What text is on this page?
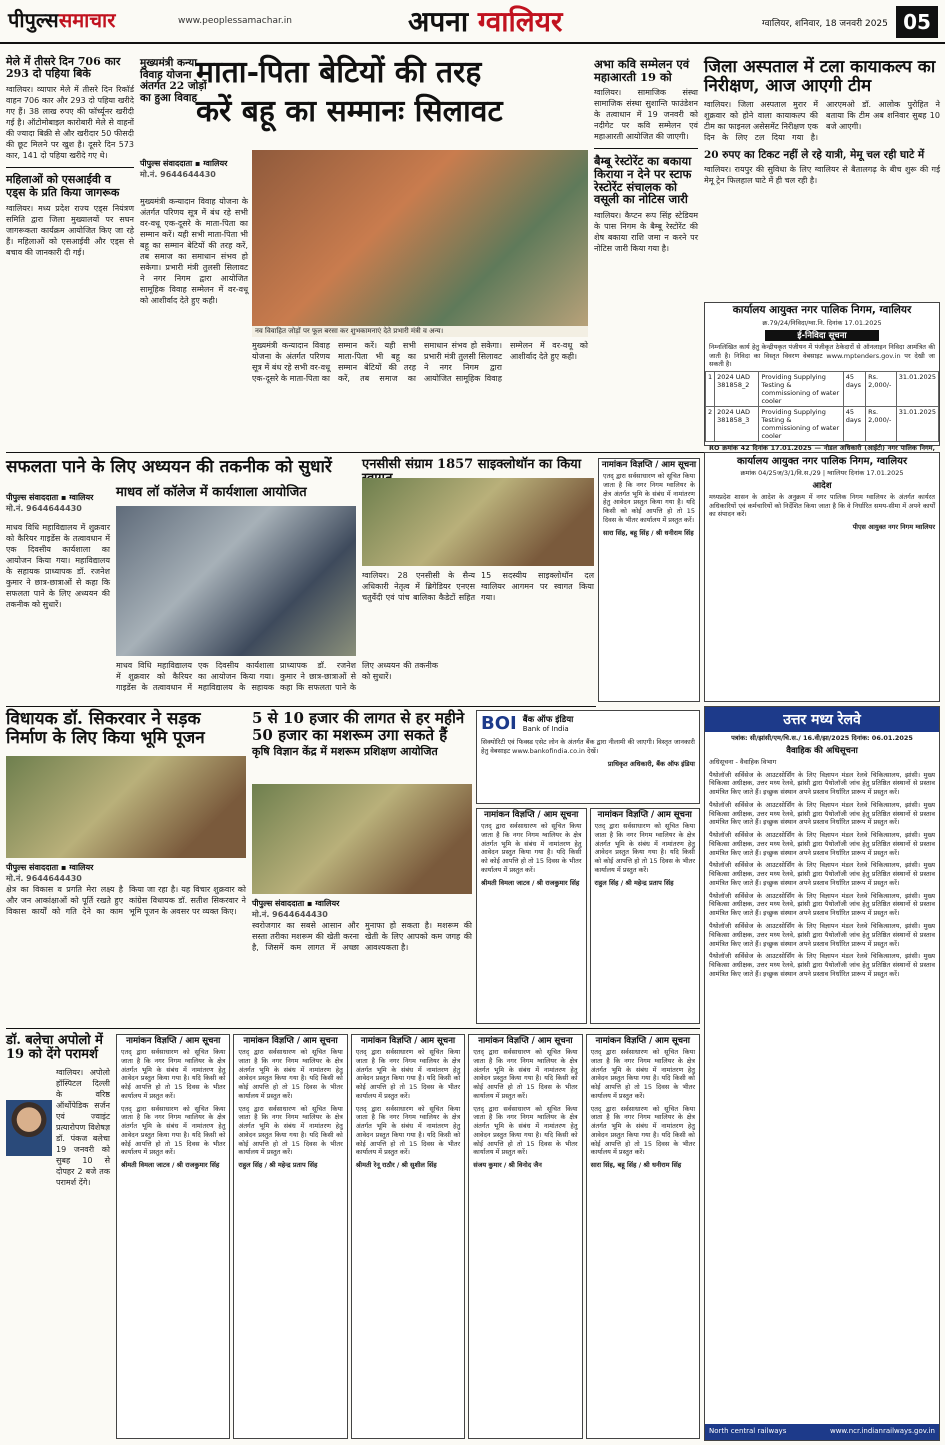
पीपुल्ससमाचार	www.peoplessamachar.in	अपना ग्वालियर	ग्वालियर, शनिवार, 18 जनवरी 2025 05
मेले में तीसरे दिन 706 कार 293 दो पहिया बिके
ग्वालियर। व्यापार मेले में तीसरे दिन रिकॉर्ड वाहन 706 कार और 293 दो पहिया खरीदे गए हैं। 38 लाख रुपए की फॉर्च्यूनर खरीदी गई है। ऑटोमोबाइल कारोबारी मेले से वाहनों की ज्यादा बिक्री से और खरीदार 50 फीसदी की छूट मिलने पर खुश है। दूसरे दिन 573 कार, 141 दो पहिया खरीदे गए थे।
महिलाओं को एसआईवी व एड्स के प्रति किया जागरूक
ग्वालियर। मध्य प्रदेश राज्य एड्स नियंत्रण समिति द्वारा जिला मुख्यालयों पर सघन जागरूकता कार्यक्रम आयोजित किए जा रहे हैं। महिलाओं को एसआईवी और एड्स से बचाव की जानकारी दी गई।
मुख्यमंत्री कन्या विवाह योजना अंतर्गत 22 जोड़ों का हुआ विवाह
माता-पिता बेटियों की तरह
करें बहू का सम्मानः सिलावट
पीपुल्स संवाददाता ▪ ग्वालियर
मो.नं. 9644644430
नव विवाहित जोड़ों पर फूल बरसा कर शुभकामनाएं देते प्रभारी मंत्री व अन्य।
मुख्यमंत्री कन्यादान विवाह योजना के अंतर्गत परिणय सूत्र में बंध रहे सभी वर-वधू एक-दूसरे के माता-पिता का सम्मान करें। यही सभी माता-पिता भी बहू का सम्मान बेटियों की तरह करें, तब समाज का समाधान संभव हो सकेगा। प्रभारी मंत्री तुलसी सिलावट ने नगर निगम द्वारा आयोजित सामूहिक विवाह सम्मेलन में वर-वधू को आशीर्वाद देते हुए कही।
मुख्यमंत्री कन्यादान विवाह योजना के अंतर्गत परिणय सूत्र में बंध रहे सभी वर-वधू एक-दूसरे के माता-पिता का सम्मान करें। यही सभी माता-पिता भी बहू का सम्मान बेटियों की तरह करें, तब समाज का समाधान संभव हो सकेगा। प्रभारी मंत्री तुलसी सिलावट ने नगर निगम द्वारा आयोजित सामूहिक विवाह सम्मेलन में वर-वधू को आशीर्वाद देते हुए कही।
अभा कवि सम्मेलन एवं महाआरती 19 को
ग्वालियर। सामाजिक संस्था सामाजिक संस्था सुशान्ति फाउंडेशन के तत्वाधान में 19 जनवरी को नदीगेट पर कवि सम्मेलन एवं महाआरती आयोजित की जाएगी।
बैम्बू रेस्टोरेंट का बकाया किराया न देने पर स्टाफ रेस्टोरेंट संचालक को वसूली का नोटिस जारी
ग्वालियर। कैप्टन रूप सिंह स्टेडियम के पास निगम के बैम्बू रेस्टोरेंट की शेष बकाया राशि जमा न करने पर नोटिस जारी किया गया है।
जिला अस्पताल में टला कायाकल्प का निरीक्षण, आज आएगी टीम
ग्वालियर। जिला अस्पताल मुरार में शुक्रवार को होने वाला कायाकल्प की टीम का फाइनल असेसमेंट निरीक्षण एक दिन के लिए टल दिया गया है। आरएमओ डॉ. आलोक पुरोहित ने बताया कि टीम अब शनिवार सुबह 10 बजे आएगी।
20 रुपए का टिकट नहीं ले रहे यात्री, मेमू चल रही घाटे में
ग्वालियर। रायपुर की सुविधा के लिए ग्वालियर से बैतालगढ़ के बीच शुरू की गई मेमू ट्रेन फिलहाल घाटे में ही चल रही है।
कार्यालय आयुक्त नगर पालिक निगम, ग्वालियर
क्र.79/24/निविदा/ग्वा.नि. दिनांक 17.01.2025
ई-निविदा सूचना
निम्नलिखित कार्य हेतु केन्द्रीयकृत पंजीयन में पंजीकृत ठेकेदारों से ऑनलाइन निविदा आमंत्रित की जाती है। निविदा का विस्तृत विवरण वेबसाइट www.mptenders.gov.in पर देखी जा सकती है।
1	2024 UAD 381858_2	Providing Supplying Testing & commissioning of water cooler	45 days	Rs. 2,000/-	31.01.2025
2	2024 UAD 381858_3	Providing Supplying Testing & commissioning of water cooler	45 days	Rs. 2,000/-	31.01.2025
RO क्रमांक 42 दिनांक 17.01.2025 — नोडल अधिकारी (आईटी) नगर पालिक निगम,
सफलता पाने के लिए अध्ययन की तकनीक को सुधारें
माधव लॉ कॉलेज में कार्यशाला आयोजित
पीपुल्स संवाददाता ▪ ग्वालियर
मो.नं. 9644644430
माधव विधि महाविद्यालय में शुक्रवार को कैरियर गाइडेंस के तत्वावधान में एक दिवसीय कार्यशाला का आयोजन किया गया। महाविद्यालय के सहायक प्राध्यापक डॉ. रजनेश कुमार ने छात्र-छात्राओं से कहा कि सफलता पाने के लिए अध्ययन की तकनीक को सुधारें।
माधव विधि महाविद्यालय में शुक्रवार को कैरियर गाइडेंस के तत्वावधान में एक दिवसीय कार्यशाला का आयोजन किया गया। महाविद्यालय के सहायक प्राध्यापक डॉ. रजनेश कुमार ने छात्र-छात्राओं से कहा कि सफलता पाने के लिए अध्ययन की तकनीक को सुधारें।
एनसीसी संग्राम 1857 साइक्लोथॉन का किया
ग्वालियर। 28 एनसीसी के सैन्य अधिकारी नेतृत्व में ब्रिगेडियर एनएस चतुर्वेदी एवं पांच बालिका कैडेटों सहित 15 सदस्यीय साइक्लोथॉन दल ग्वालियर आगमन पर स्वागत किया गया।
नामांकन विज्ञप्ति / आम सूचना
एतद् द्वारा सर्वसाधारण को सूचित किया जाता है कि नगर निगम ग्वालियर के क्षेत्र अंतर्गत भूमि के संबंध में नामांतरण हेतु आवेदन प्रस्तुत किया गया है। यदि किसी को कोई आपत्ति हो तो 15 दिवस के भीतर कार्यालय में प्रस्तुत करें।
सारा सिंह, बहू सिंह / श्री धनीराम सिंह
कार्यालय आयुक्त नगर पालिक निगम, ग्वालियर
क्रमांक 04/25ज/3/1/वि.स./29 | ग्वालियर दिनांक 17.01.2025
आदेश
मध्यप्रदेश शासन के आदेश के अनुक्रम में नगर पालिक निगम ग्वालियर के अंतर्गत कार्यरत अधिकारियों एवं कर्मचारियों को निर्देशित किया जाता है कि वे निर्धारित समय-सीमा में अपने कार्यों का संपादन करें।
पीएस आयुक्त नगर निगम ग्वालियर
विधायक डॉ. सिकरवार ने सड़क निर्माण के लिए किया भूमि पूजन
पीपुल्स संवाददाता ▪ ग्वालियर
मो.नं. 9644644430
क्षेत्र का विकास व प्रगति मेरा लक्ष्य है और जन आकांक्षाओं को पूर्ति रखते हुए विकास कार्यों को गति देने का काम किया जा रहा है। यह विचार शुक्रवार को कांग्रेस विधायक डॉ. सतीश सिकरवार ने भूमि पूजन के अवसर पर व्यक्त किए।
5 से 10 हजार की लागत से हर महीने 50 हजार का मशरूम उगा सकते हैं
कृषि विज्ञान केंद्र में मशरूम प्रशिक्षण आयोजित
पीपुल्स संवाददाता ▪ ग्वालियर
मो.नं. 9644644430
स्वरोजगार का सबसे आसान और सस्ता तरीका मशरूम की खेती करना है, जिसमें कम लागत में अच्छा मुनाफा हो सकता है। मशरूम की खेती के लिए आपको कम जगह की आवश्यकता है।
BOI बैंक ऑफ इंडिया
Bank of India
सिक्योरिटी एवं फिक्स्ड एसेट लोन के अंतर्गत बैंक द्वारा नीलामी की जाएगी। विस्तृत जानकारी हेतु वेबसाइट www.bankofindia.co.in देखें।
प्राधिकृत अधिकारी, बैंक ऑफ इंडिया
नामांकन विज्ञप्ति / आम सूचना
एतद् द्वारा सर्वसाधारण को सूचित किया जाता है कि नगर निगम ग्वालियर के क्षेत्र अंतर्गत भूमि के संबंध में नामांतरण हेतु आवेदन प्रस्तुत किया गया है। यदि किसी को कोई आपत्ति हो तो 15 दिवस के भीतर कार्यालय में प्रस्तुत करें।
श्रीमती विमला जाटव / श्री राजकुमार सिंह
नामांकन विज्ञप्ति / आम सूचना
एतद् द्वारा सर्वसाधारण को सूचित किया जाता है कि नगर निगम ग्वालियर के क्षेत्र अंतर्गत भूमि के संबंध में नामांतरण हेतु आवेदन प्रस्तुत किया गया है। यदि किसी को कोई आपत्ति हो तो 15 दिवस के भीतर कार्यालय में प्रस्तुत करें।
राहुल सिंह / श्री महेन्द्र प्रताप सिंह
उत्तर मध्य रेलवे
पत्रांक: सी/झांसी/एम/चि.स./ 16.वी/झा/2025 दिनांक: 06.01.2025
वैवाहिक की अधिसूचना
अधिसूचना - वैवाहिक विभाग
पैथोलॉजी सर्विसेज के आउटसोर्सिंग के लिए विज्ञापन मंडल रेलवे चिकित्सालय, झांसी। मुख्य चिकित्सा अधीक्षक, उत्तर मध्य रेलवे, झांसी द्वारा पैथोलॉजी जांच हेतु प्रतिष्ठित संस्थानों से प्रस्ताव आमंत्रित किए जाते हैं। इच्छुक संस्थान अपने प्रस्ताव निर्धारित प्रारूप में प्रस्तुत करें।
पैथोलॉजी सर्विसेज के आउटसोर्सिंग के लिए विज्ञापन मंडल रेलवे चिकित्सालय, झांसी। मुख्य चिकित्सा अधीक्षक, उत्तर मध्य रेलवे, झांसी द्वारा पैथोलॉजी जांच हेतु प्रतिष्ठित संस्थानों से प्रस्ताव आमंत्रित किए जाते हैं। इच्छुक संस्थान अपने प्रस्ताव निर्धारित प्रारूप में प्रस्तुत करें।
पैथोलॉजी सर्विसेज के आउटसोर्सिंग के लिए विज्ञापन मंडल रेलवे चिकित्सालय, झांसी। मुख्य चिकित्सा अधीक्षक, उत्तर मध्य रेलवे, झांसी द्वारा पैथोलॉजी जांच हेतु प्रतिष्ठित संस्थानों से प्रस्ताव आमंत्रित किए जाते हैं। इच्छुक संस्थान अपने प्रस्ताव निर्धारित प्रारूप में प्रस्तुत करें।
पैथोलॉजी सर्विसेज के आउटसोर्सिंग के लिए विज्ञापन मंडल रेलवे चिकित्सालय, झांसी। मुख्य चिकित्सा अधीक्षक, उत्तर मध्य रेलवे, झांसी द्वारा पैथोलॉजी जांच हेतु प्रतिष्ठित संस्थानों से प्रस्ताव आमंत्रित किए जाते हैं। इच्छुक संस्थान अपने प्रस्ताव निर्धारित प्रारूप में प्रस्तुत करें।
पैथोलॉजी सर्विसेज के आउटसोर्सिंग के लिए विज्ञापन मंडल रेलवे चिकित्सालय, झांसी। मुख्य चिकित्सा अधीक्षक, उत्तर मध्य रेलवे, झांसी द्वारा पैथोलॉजी जांच हेतु प्रतिष्ठित संस्थानों से प्रस्ताव आमंत्रित किए जाते हैं। इच्छुक संस्थान अपने प्रस्ताव निर्धारित प्रारूप में प्रस्तुत करें।
पैथोलॉजी सर्विसेज के आउटसोर्सिंग के लिए विज्ञापन मंडल रेलवे चिकित्सालय, झांसी। मुख्य चिकित्सा अधीक्षक, उत्तर मध्य रेलवे, झांसी द्वारा पैथोलॉजी जांच हेतु प्रतिष्ठित संस्थानों से प्रस्ताव आमंत्रित किए जाते हैं। इच्छुक संस्थान अपने प्रस्ताव निर्धारित प्रारूप में प्रस्तुत करें।
पैथोलॉजी सर्विसेज के आउटसोर्सिंग के लिए विज्ञापन मंडल रेलवे चिकित्सालय, झांसी। मुख्य चिकित्सा अधीक्षक, उत्तर मध्य रेलवे, झांसी द्वारा पैथोलॉजी जांच हेतु प्रतिष्ठित संस्थानों से प्रस्ताव आमंत्रित किए जाते हैं। इच्छुक संस्थान अपने प्रस्ताव निर्धारित प्रारूप में प्रस्तुत करें।
North central railways	www.ncr.indianrailways.gov.in
डॉ. बलेचा अपोलो में 19 को देंगे परामर्श
ग्वालियर। अपोलो हॉस्पिटल दिल्ली के वरिष्ठ ऑर्थोपेडिक सर्जन एवं ज्वाइंट प्रत्यारोपण विशेषज्ञ डॉ. पंकज बलेचा 19 जनवरी को सुबह 10 से दोपहर 2 बजे तक परामर्श देंगे।
नामांकन विज्ञप्ति / आम सूचना
एतद् द्वारा सर्वसाधारण को सूचित किया जाता है कि नगर निगम ग्वालियर के क्षेत्र अंतर्गत भूमि के संबंध में नामांतरण हेतु आवेदन प्रस्तुत किया गया है। यदि किसी को कोई आपत्ति हो तो 15 दिवस के भीतर कार्यालय में प्रस्तुत करें।
एतद् द्वारा सर्वसाधारण को सूचित किया जाता है कि नगर निगम ग्वालियर के क्षेत्र अंतर्गत भूमि के संबंध में नामांतरण हेतु आवेदन प्रस्तुत किया गया है। यदि किसी को कोई आपत्ति हो तो 15 दिवस के भीतर कार्यालय में प्रस्तुत करें।
श्रीमती विमला जाटव / श्री राजकुमार सिंह
नामांकन विज्ञप्ति / आम सूचना
एतद् द्वारा सर्वसाधारण को सूचित किया जाता है कि नगर निगम ग्वालियर के क्षेत्र अंतर्गत भूमि के संबंध में नामांतरण हेतु आवेदन प्रस्तुत किया गया है। यदि किसी को कोई आपत्ति हो तो 15 दिवस के भीतर कार्यालय में प्रस्तुत करें।
एतद् द्वारा सर्वसाधारण को सूचित किया जाता है कि नगर निगम ग्वालियर के क्षेत्र अंतर्गत भूमि के संबंध में नामांतरण हेतु आवेदन प्रस्तुत किया गया है। यदि किसी को कोई आपत्ति हो तो 15 दिवस के भीतर कार्यालय में प्रस्तुत करें।
राहुल सिंह / श्री महेन्द्र प्रताप सिंह
नामांकन विज्ञप्ति / आम सूचना
एतद् द्वारा सर्वसाधारण को सूचित किया जाता है कि नगर निगम ग्वालियर के क्षेत्र अंतर्गत भूमि के संबंध में नामांतरण हेतु आवेदन प्रस्तुत किया गया है। यदि किसी को कोई आपत्ति हो तो 15 दिवस के भीतर कार्यालय में प्रस्तुत करें।
एतद् द्वारा सर्वसाधारण को सूचित किया जाता है कि नगर निगम ग्वालियर के क्षेत्र अंतर्गत भूमि के संबंध में नामांतरण हेतु आवेदन प्रस्तुत किया गया है। यदि किसी को कोई आपत्ति हो तो 15 दिवस के भीतर कार्यालय में प्रस्तुत करें।
श्रीमती रेनू राठौर / श्री सुशील सिंह
नामांकन विज्ञप्ति / आम सूचना
एतद् द्वारा सर्वसाधारण को सूचित किया जाता है कि नगर निगम ग्वालियर के क्षेत्र अंतर्गत भूमि के संबंध में नामांतरण हेतु आवेदन प्रस्तुत किया गया है। यदि किसी को कोई आपत्ति हो तो 15 दिवस के भीतर कार्यालय में प्रस्तुत करें।
एतद् द्वारा सर्वसाधारण को सूचित किया जाता है कि नगर निगम ग्वालियर के क्षेत्र अंतर्गत भूमि के संबंध में नामांतरण हेतु आवेदन प्रस्तुत किया गया है। यदि किसी को कोई आपत्ति हो तो 15 दिवस के भीतर कार्यालय में प्रस्तुत करें।
संजय कुमार / श्री विनोद जैन
नामांकन विज्ञप्ति / आम सूचना
एतद् द्वारा सर्वसाधारण को सूचित किया जाता है कि नगर निगम ग्वालियर के क्षेत्र अंतर्गत भूमि के संबंध में नामांतरण हेतु आवेदन प्रस्तुत किया गया है। यदि किसी को कोई आपत्ति हो तो 15 दिवस के भीतर कार्यालय में प्रस्तुत करें।
एतद् द्वारा सर्वसाधारण को सूचित किया जाता है कि नगर निगम ग्वालियर के क्षेत्र अंतर्गत भूमि के संबंध में नामांतरण हेतु आवेदन प्रस्तुत किया गया है। यदि किसी को कोई आपत्ति हो तो 15 दिवस के भीतर कार्यालय में प्रस्तुत करें।
सारा सिंह, बहू सिंह / श्री धनीराम सिंह
